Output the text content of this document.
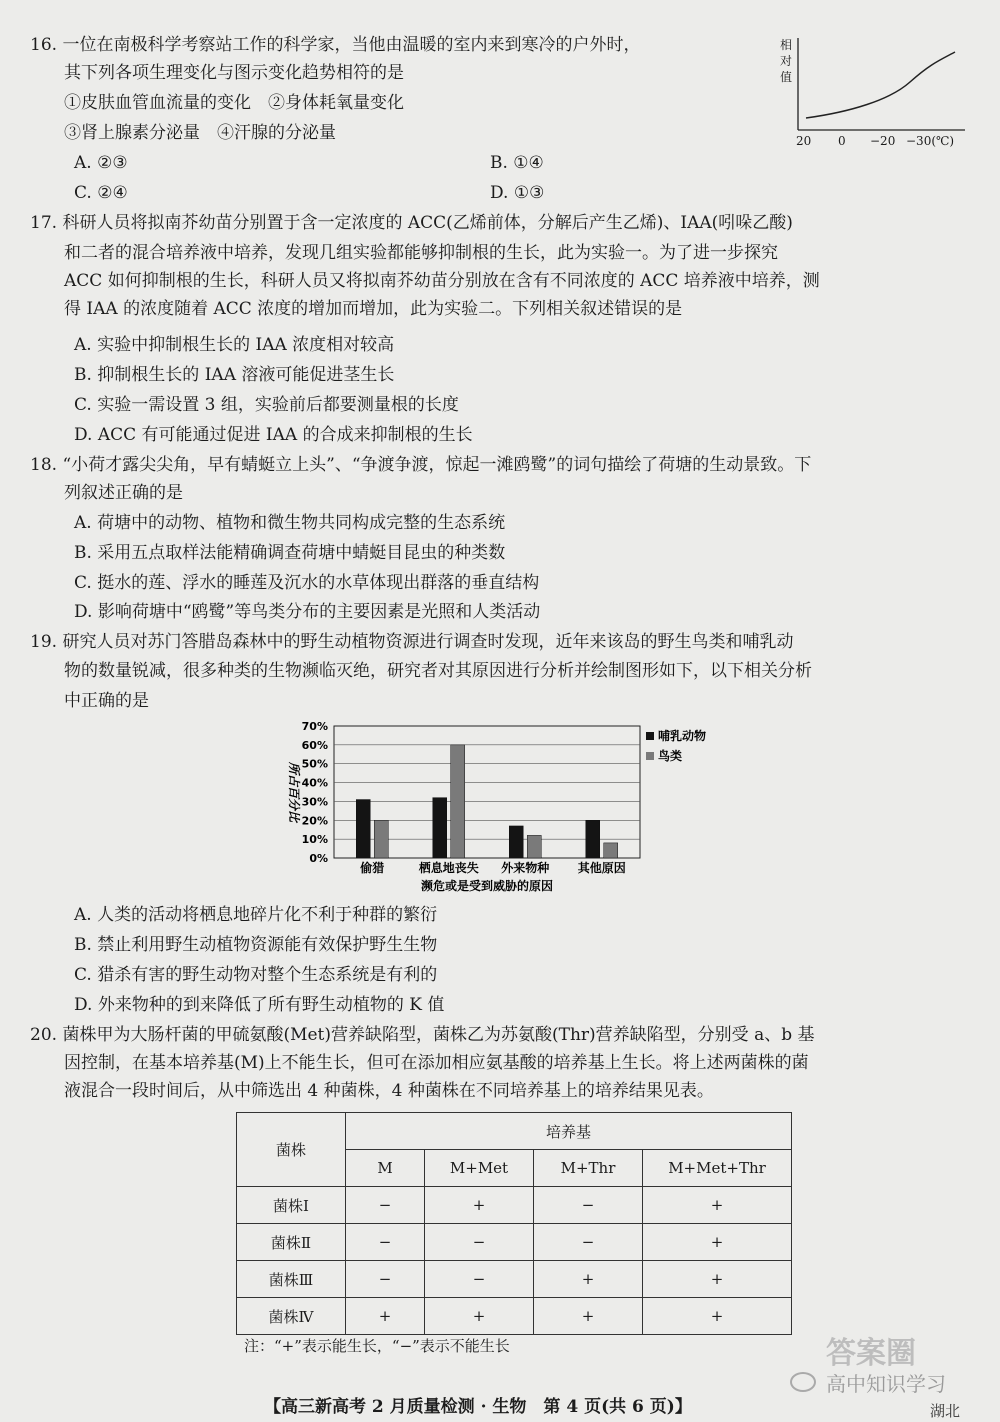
16. 一位在南极科学考察站工作的科学家，当他由温暖的室内来到寒冷的户外时，
其下列各项生理变化与图示变化趋势相符的是
①皮肤血管血流量的变化　②身体耗氧量变化
③肾上腺素分泌量　④汗腺的分泌量
A. ②③	B. ①④
C. ②④	D. ①③
相
对
值
20 0 −20 −30(℃)
17. 科研人员将拟南芥幼苗分别置于含一定浓度的 ACC(乙烯前体，分解后产生乙烯)、IAA(吲哚乙酸)
和二者的混合培养液中培养，发现几组实验都能够抑制根的生长，此为实验一。为了进一步探究
ACC 如何抑制根的生长，科研人员又将拟南芥幼苗分别放在含有不同浓度的 ACC 培养液中培养，测
得 IAA 的浓度随着 ACC 浓度的增加而增加，此为实验二。下列相关叙述错误的是
A. 实验中抑制根生长的 IAA 浓度相对较高
B. 抑制根生长的 IAA 溶液可能促进茎生长
C. 实验一需设置 3 组，实验前后都要测量根的长度
D. ACC 有可能通过促进 IAA 的合成来抑制根的生长
18. “小荷才露尖尖角，早有蜻蜓立上头”、“争渡争渡，惊起一滩鸥鹭”的词句描绘了荷塘的生动景致。下
列叙述正确的是
A. 荷塘中的动物、植物和微生物共同构成完整的生态系统
B. 采用五点取样法能精确调查荷塘中蜻蜓目昆虫的种类数
C. 挺水的莲、浮水的睡莲及沉水的水草体现出群落的垂直结构
D. 影响荷塘中“鸥鹭”等鸟类分布的主要因素是光照和人类活动
19. 研究人员对苏门答腊岛森林中的野生动植物资源进行调查时发现，近年来该岛的野生鸟类和哺乳动
物的数量锐减，很多种类的生物濒临灭绝，研究者对其原因进行分析并绘制图形如下，以下相关分析
中正确的是
0%
10%
20%
30%
40%
50%
60%
70%
所占百分比
偷猎	栖息地丧失 外来物种 其他原因
濒危或是受到威胁的原因
哺乳动物
鸟类
A. 人类的活动将栖息地碎片化不利于种群的繁衍
B. 禁止利用野生动植物资源能有效保护野生生物
C. 猎杀有害的野生动物对整个生态系统是有利的
D. 外来物种的到来降低了所有野生动植物的 K 值
20. 菌株甲为大肠杆菌的甲硫氨酸(Met)营养缺陷型，菌株乙为苏氨酸(Thr)营养缺陷型，分别受 a、b 基
因控制，在基本培养基(M)上不能生长，但可在添加相应氨基酸的培养基上生长。将上述两菌株的菌
液混合一段时间后，从中筛选出 4 种菌株，4 种菌株在不同培养基上的培养结果见表。
菌株	培养基			
	M	M+Met	M+Thr	M+Met+Thr
菌株Ⅰ	−	+	−	+
菌株Ⅱ	−	−	−	+
菌株Ⅲ	−	−	+	+
菌株Ⅳ	+	+	+	+
注：“+”表示能生长，“−”表示不能生长
【高三新高考 2 月质量检测 · 生物　第 4 页(共 6 页)】
答案圈
高中知识学习
湖北
